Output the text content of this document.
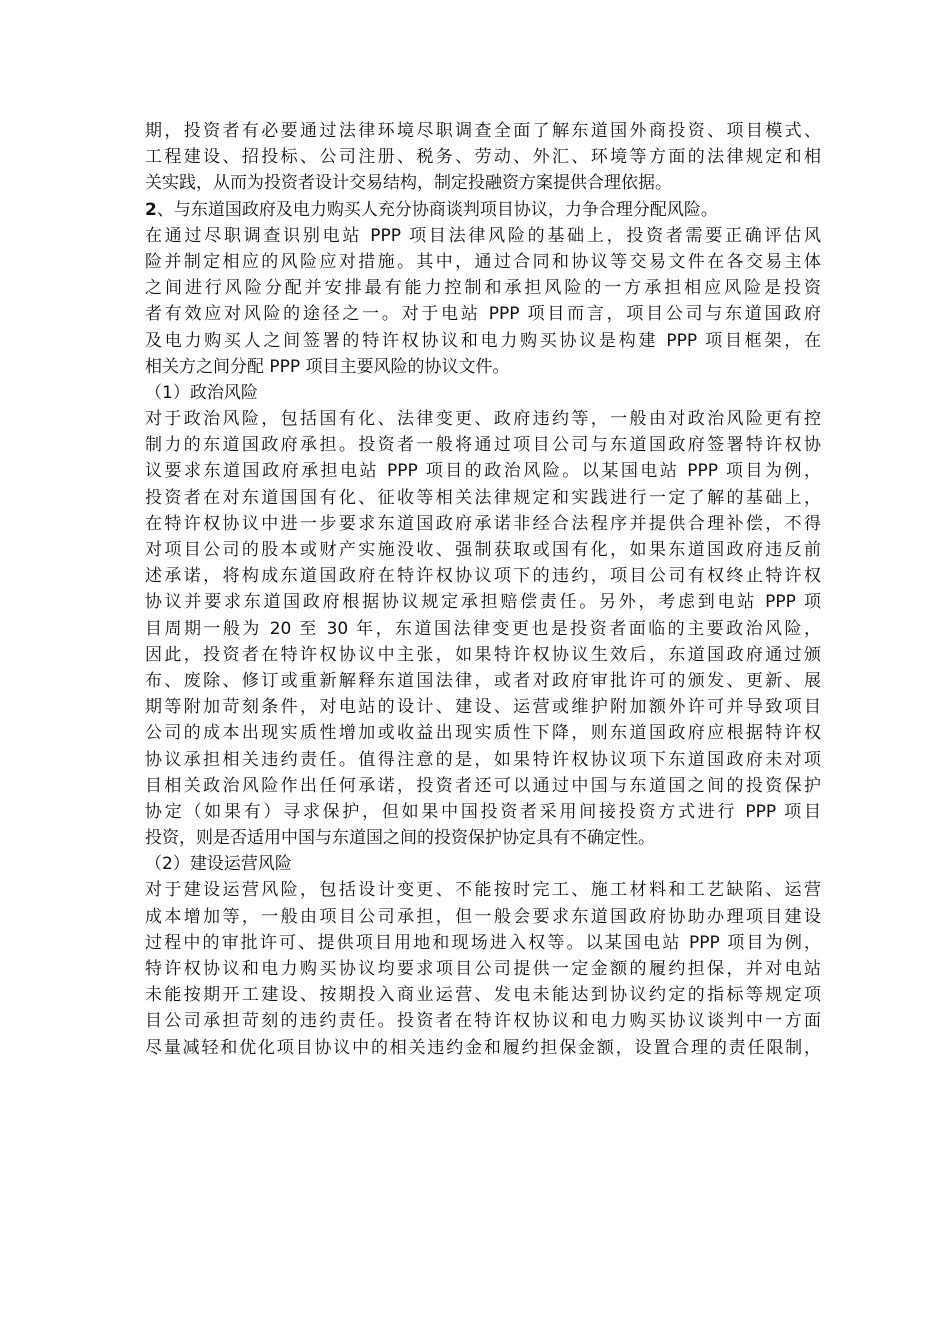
期，投资者有必要通过法律环境尽职调查全面了解东道国外商投资、项目模式、
工程建设、招投标、公司注册、税务、劳动、外汇、环境等方面的法律规定和相
关实践，从而为投资者设计交易结构，制定投融资方案提供合理依据。
2、与东道国政府及电力购买人充分协商谈判项目协议，力争合理分配风险。
在通过尽职调查识别电站 PPP 项目法律风险的基础上，投资者需要正确评估风
险并制定相应的风险应对措施。其中，通过合同和协议等交易文件在各交易主体
之间进行风险分配并安排最有能力控制和承担风险的一方承担相应风险是投资
者有效应对风险的途径之一。对于电站 PPP 项目而言，项目公司与东道国政府
及电力购买人之间签署的特许权协议和电力购买协议是构建 PPP 项目框架，在
相关方之间分配 PPP 项目主要风险的协议文件。
（1）政治风险
对于政治风险，包括国有化、法律变更、政府违约等，一般由对政治风险更有控
制力的东道国政府承担。投资者一般将通过项目公司与东道国政府签署特许权协
议要求东道国政府承担电站 PPP 项目的政治风险。以某国电站 PPP 项目为例，
投资者在对东道国国有化、征收等相关法律规定和实践进行一定了解的基础上，
在特许权协议中进一步要求东道国政府承诺非经合法程序并提供合理补偿，不得
对项目公司的股本或财产实施没收、强制获取或国有化，如果东道国政府违反前
述承诺，将构成东道国政府在特许权协议项下的违约，项目公司有权终止特许权
协议并要求东道国政府根据协议规定承担赔偿责任。另外，考虑到电站 PPP 项
目周期一般为 20 至 30 年，东道国法律变更也是投资者面临的主要政治风险，
因此，投资者在特许权协议中主张，如果特许权协议生效后，东道国政府通过颁
布、废除、修订或重新解释东道国法律，或者对政府审批许可的颁发、更新、展
期等附加苛刻条件，对电站的设计、建设、运营或维护附加额外许可并导致项目
公司的成本出现实质性增加或收益出现实质性下降，则东道国政府应根据特许权
协议承担相关违约责任。值得注意的是，如果特许权协议项下东道国政府未对项
目相关政治风险作出任何承诺，投资者还可以通过中国与东道国之间的投资保护
协定（如果有）寻求保护，但如果中国投资者采用间接投资方式进行 PPP 项目
投资，则是否适用中国与东道国之间的投资保护协定具有不确定性。
（2）建设运营风险
对于建设运营风险，包括设计变更、不能按时完工、施工材料和工艺缺陷、运营
成本增加等，一般由项目公司承担，但一般会要求东道国政府协助办理项目建设
过程中的审批许可、提供项目用地和现场进入权等。以某国电站 PPP 项目为例，
特许权协议和电力购买协议均要求项目公司提供一定金额的履约担保，并对电站
未能按期开工建设、按期投入商业运营、发电未能达到协议约定的指标等规定项
目公司承担苛刻的违约责任。投资者在特许权协议和电力购买协议谈判中一方面
尽量减轻和优化项目协议中的相关违约金和履约担保金额，设置合理的责任限制，
